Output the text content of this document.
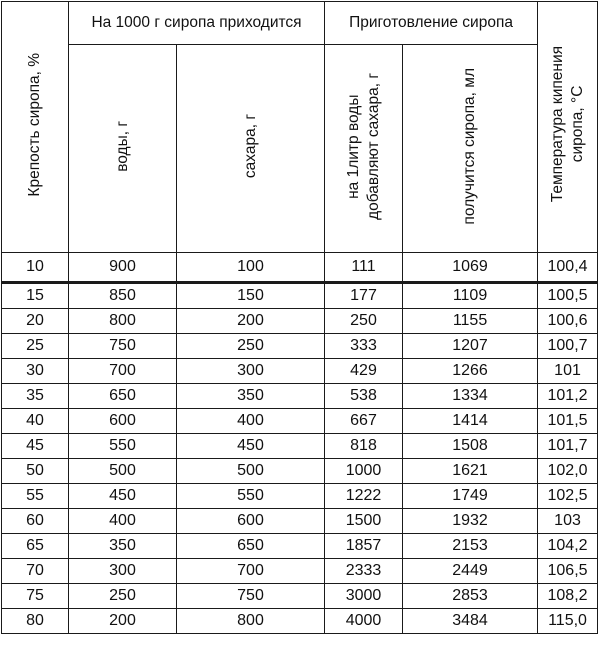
Крепость сиропа, %	На 1000 г сиропа приходится		Приготовление сиропа		Температура кипения сиропа, °С
	воды, г	сахара, г	на 1литр воды добавляют сахара, г	получится сиропа, мл	
10	900	100	111	1069	100,4
15	850	150	177	1109	100,5
20	800	200	250	1155	100,6
25	750	250	333	1207	100,7
30	700	300	429	1266	101
35	650	350	538	1334	101,2
40	600	400	667	1414	101,5
45	550	450	818	1508	101,7
50	500	500	1000	1621	102,0
55	450	550	1222	1749	102,5
60	400	600	1500	1932	103
65	350	650	1857	2153	104,2
70	300	700	2333	2449	106,5
75	250	750	3000	2853	108,2
80	200	800	4000	3484	115,0
